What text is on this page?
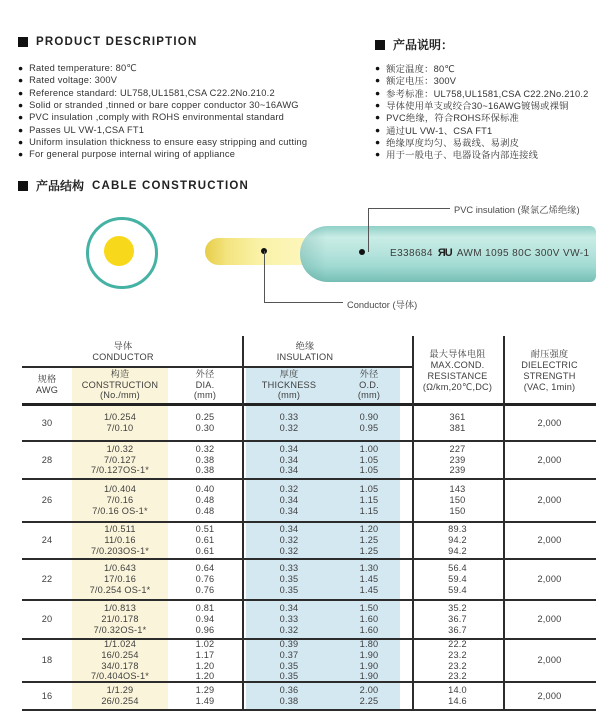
PRODUCT DESCRIPTION
● Rated temperature: 80℃
● Rated voltage: 300V
● Reference standard: UL758,UL1581,CSA C22.2No.210.2
● Solid or stranded ,tinned or bare copper conductor 30~16AWG
● PVC insulation ,comply with ROHS environmental standard
● Passes UL VW-1,CSA FT1
● Uniform insulation thickness to ensure easy stripping and cutting
● For general purpose internal wiring of appliance
产品说明：
● 额定温度：80℃
● 额定电压：300V
● 参考标准：UL758,UL1581,CSA C22.2No.210.2
● 导体使用单支或绞合30~16AWG镀锡或裸铜
● PVC绝缘，符合ROHS环保标准
● 通过UL VW-1、CSA FT1
● 绝缘厚度均匀、易裁线、易剥皮
● 用于一般电子、电器设备内部连接线
产品结构 CABLE CONSTRUCTION
E338684 ЯU AWM 1095 80C 300V VW-1
PVC insulation (聚氯乙烯绝缘)
Conductor (导体)
导体
CONDUCTOR
绝缘
INSULATION
规格
AWG
构造
CONSTRUCTION
(No./mm)
外径
DIA.
(mm)
厚度
THICKNESS
(mm)
外径
O.D.
(mm)
最大导体电阻
MAX.COND.
RESISTANCE
(Ω/km,20℃,DC)
耐压强度
DIELECTRIC
STRENGTH
(VAC, 1min)
30
1/0.254
7/0.10
0.25
0.30
0.33
0.32
0.90
0.95
361
381
2,000
28
1/0.32
7/0.127
7/0.127OS-1*
0.32
0.38
0.38
0.34
0.34
0.34
1.00
1.05
1.05
227
239
239
2,000
26
1/0.404
7/0.16
7/0.16 OS-1*
0.40
0.48
0.48
0.32
0.34
0.34
1.05
1.15
1.15
143
150
150
2,000
24
1/0.511
11/0.16
7/0.203OS-1*
0.51
0.61
0.61
0.34
0.32
0.32
1.20
1.25
1.25
89.3
94.2
94.2
2,000
22
1/0.643
17/0.16
7/0.254 OS-1*
0.64
0.76
0.76
0.33
0.35
0.35
1.30
1.45
1.45
56.4
59.4
59.4
2,000
20
1/0.813
21/0.178
7/0.32OS-1*
0.81
0.94
0.96
0.34
0.33
0.32
1.50
1.60
1.60
35.2
36.7
36.7
2,000
18
1/1.024
16/0.254
34/0.178
7/0.404OS-1*
1.02
1.17
1.20
1.20
0.39
0.37
0.35
0.35
1.80
1.90
1.90
1.90
22.2
23.2
23.2
23.2
2,000
16
1/1.29
26/0.254
1.29
1.49
0.36
0.38
2.00
2.25
14.0
14.6
2,000
